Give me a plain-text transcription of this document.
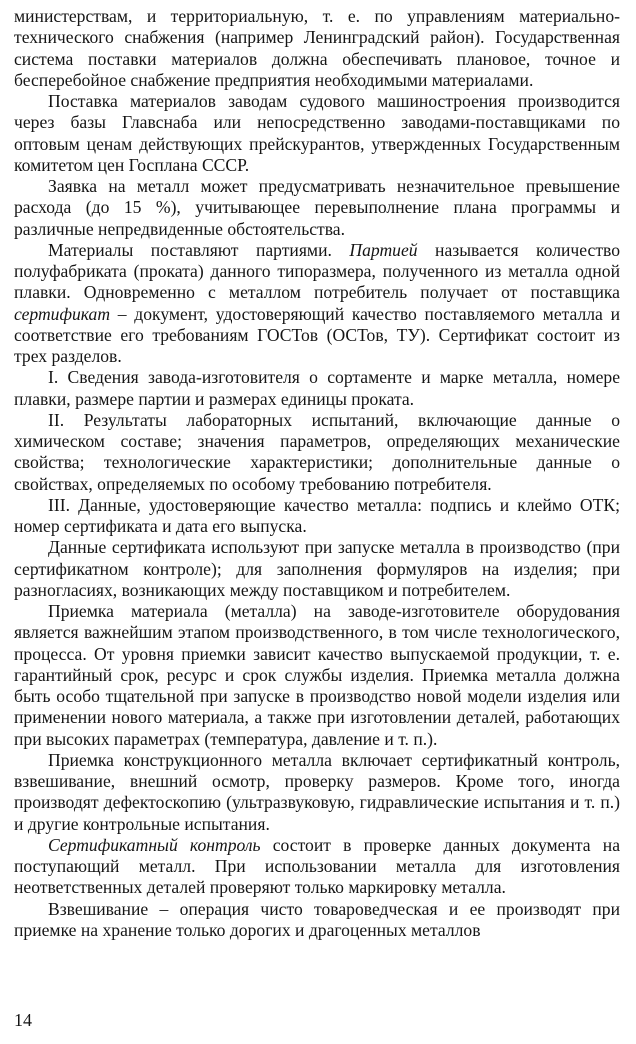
министерствам, и территориальную, т. е. по управлениям материально-технического снабжения (например Ленинградский район). Государственная система поставки материалов должна обеспечивать плановое, точное и бесперебойное снабжение предприятия необходимыми материалами.

Поставка материалов заводам судового машиностроения производится через базы Главснаба или непосредственно заводами-поставщиками по оптовым ценам действующих прейскурантов, утвержденных Государственным комитетом цен Госплана СССР.

Заявка на металл может предусматривать незначительное превышение расхода (до 15 %), учитывающее перевыполнение плана программы и различные непредвиденные обстоятельства.

Материалы поставляют партиями. Партией называется количество полуфабриката (проката) данного типоразмера, полученного из металла одной плавки. Одновременно с металлом потребитель получает от поставщика сертификат – документ, удостоверяющий качество поставляемого металла и соответствие его требованиям ГОСТов (ОСТов, ТУ). Сертификат состоит из трех разделов.

I. Сведения завода-изготовителя о сортаменте и марке металла, номере плавки, размере партии и размерах единицы проката.

II. Результаты лабораторных испытаний, включающие данные о химическом составе; значения параметров, определяющих механические свойства; технологические характеристики; дополнительные данные о свойствах, определяемых по особому требованию потребителя.

III. Данные, удостоверяющие качество металла: подпись и клеймо ОТК; номер сертификата и дата его выпуска.

Данные сертификата используют при запуске металла в производство (при сертификатном контроле); для заполнения формуляров на изделия; при разногласиях, возникающих между поставщиком и потребителем.

Приемка материала (металла) на заводе-изготовителе оборудования является важнейшим этапом производственного, в том числе технологического, процесса. От уровня приемки зависит качество выпускаемой продукции, т. е. гарантийный срок, ресурс и срок службы изделия. Приемка металла должна быть особо тщательной при запуске в производство новой модели изделия или применении нового материала, а также при изготовлении деталей, работающих при высоких параметрах (температура, давление и т. п.).

Приемка конструкционного металла включает сертификатный контроль, взвешивание, внешний осмотр, проверку размеров. Кроме того, иногда производят дефектоскопию (ультразвуковую, гидравлические испытания и т. п.) и другие контрольные испытания.

Сертификатный контроль состоит в проверке данных документа на поступающий металл. При использовании металла для изготовления неответственных деталей проверяют только маркировку металла.

Взвешивание – операция чисто товароведческая и ее производят при приемке на хранение только дорогих и драгоценных металлов

14
